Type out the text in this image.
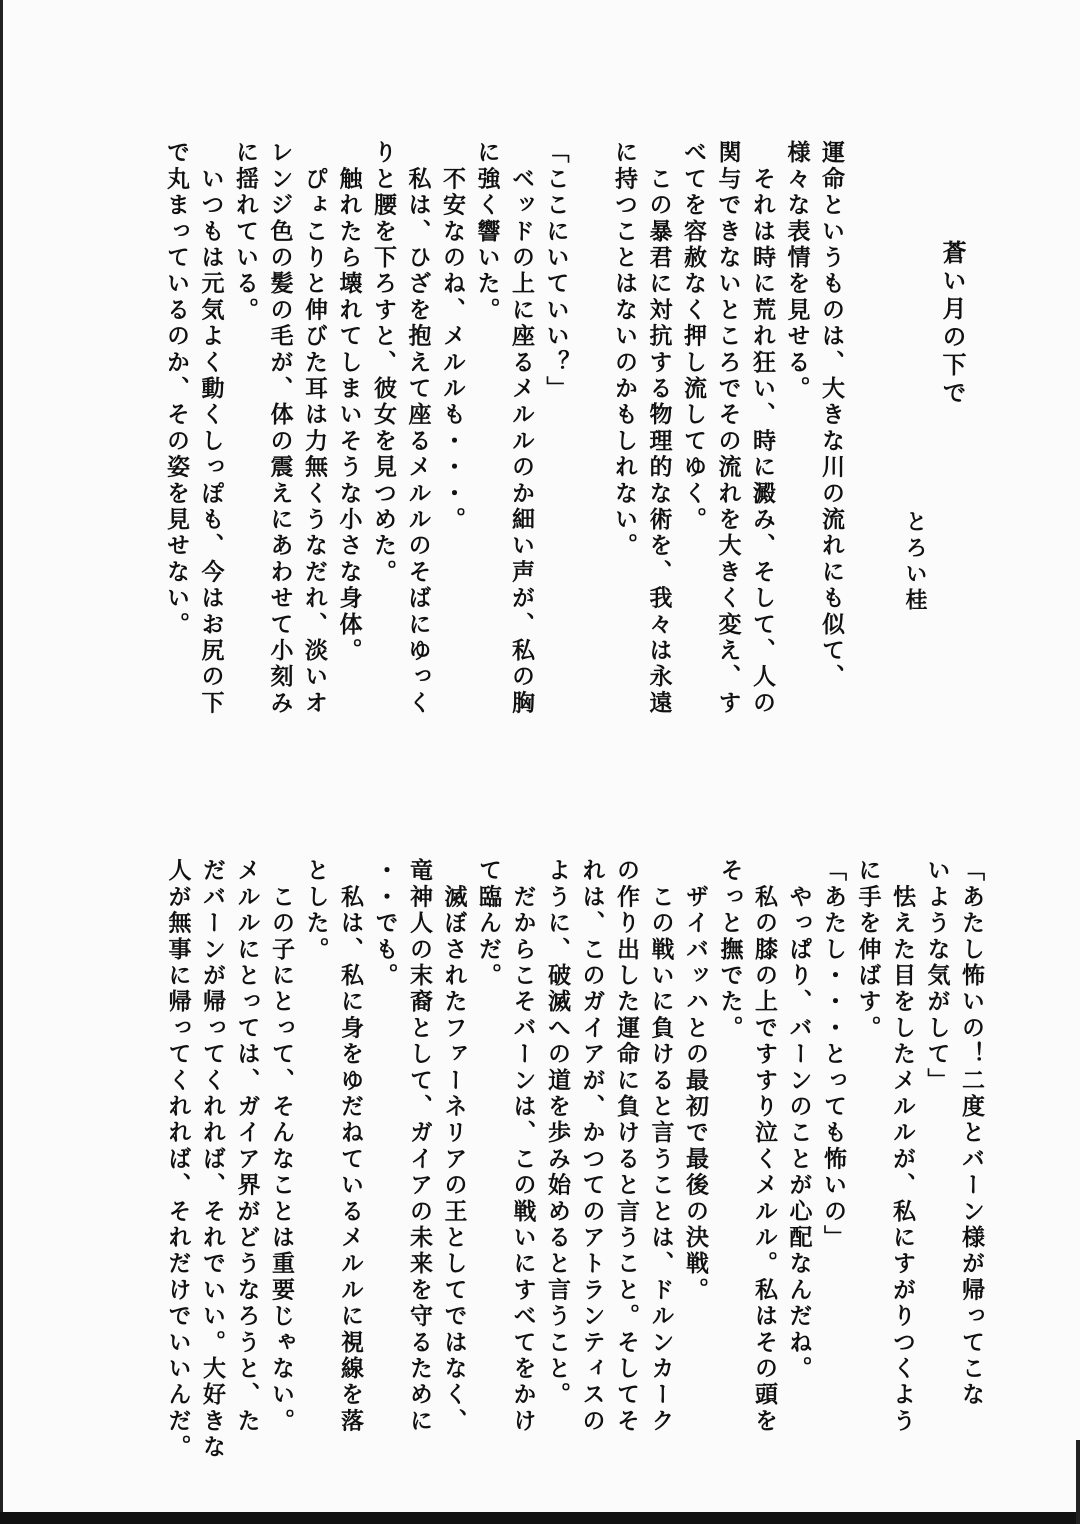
蒼い月の下で
とろい桂
運命というものは、大きな川の流れにも似て、
様々な表情を見せる。
　それは時に荒れ狂い、時に澱み、そして、人の
関与できないところでその流れを大きく変え、す
べてを容赦なく押し流してゆく。
　この暴君に対抗する物理的な術を、我々は永遠
に持つことはないのかもしれない。
「ここにいていい？」
　ベッドの上に座るメルルのか細い声が、私の胸
に強く響いた。
　不安なのね、メルルも・・・。
　私は、ひざを抱えて座るメルルのそばにゆっく
りと腰を下ろすと、彼女を見つめた。
　触れたら壊れてしまいそうな小さな身体。
　ぴょこりと伸びた耳は力無くうなだれ、淡いオ
レンジ色の髪の毛が、体の震えにあわせて小刻み
に揺れている。
　いつもは元気よく動くしっぽも、今はお尻の下
で丸まっているのか、その姿を見せない。
「あたし怖いの！二度とバーン様が帰ってこな
いような気がして」
　怯えた目をしたメルルが、私にすがりつくよう
に手を伸ばす。
「あたし・・・とっても怖いの」
　やっぱり、バーンのことが心配なんだね。
　私の膝の上ですすり泣くメルル。私はその頭を
そっと撫でた。
　ザイバッハとの最初で最後の決戦。
　この戦いに負けると言うことは、ドルンカーク
の作り出した運命に負けると言うこと。そしてそ
れは、このガイアが、かつてのアトランティスの
ように、破滅への道を歩み始めると言うこと。
　だからこそバーンは、この戦いにすべてをかけ
て臨んだ。
　滅ぼされたファーネリアの王としてではなく、
竜神人の末裔として、ガイアの未来を守るために
・・でも。
　私は、私に身をゆだねているメルルに視線を落
とした。
　この子にとって、そんなことは重要じゃない。
メルルにとっては、ガイア界がどうなろうと、た
だバーンが帰ってくれれば、それでいい。大好きな
人が無事に帰ってくれれば、それだけでいいんだ。
